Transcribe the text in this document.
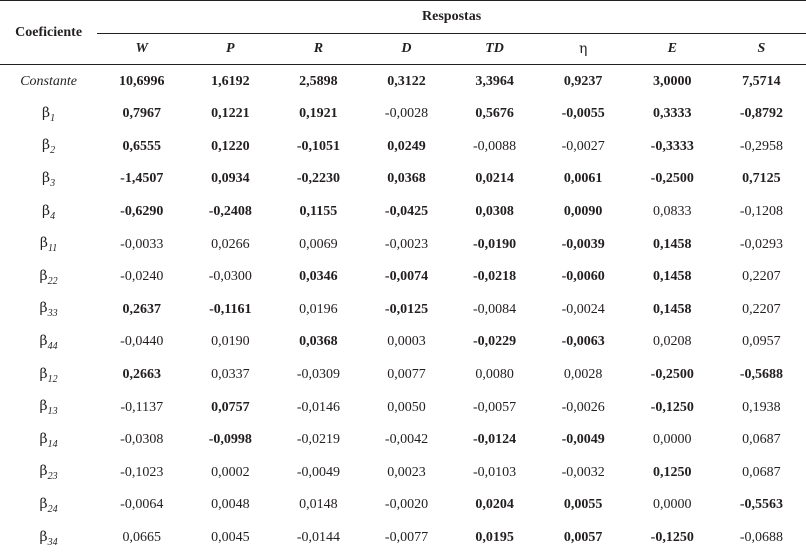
Coeficiente	Respostas							
	W	P	R	D	TD	η	E	S
Constante	10,6996	1,6192	2,5898	0,3122	3,3964	0,9237	3,0000	7,5714
$\beta_1$	0,7967	0,1221	0,1921	-0,0028	0,5676	-0,0055	0,3333	-0,8792
$\beta_2$	0,6555	0,1220	-0,1051	0,0249	-0,0088	-0,0027	-0,3333	-0,2958
$\beta_3$	-1,4507	0,0934	-0,2230	0,0368	0,0214	0,0061	-0,2500	0,7125
$\beta_4$	-0,6290	-0,2408	0,1155	-0,0425	0,0308	0,0090	0,0833	-0,1208
$\beta_{11}$	-0,0033	0,0266	0,0069	-0,0023	-0,0190	-0,0039	0,1458	-0,0293
$\beta_{22}$	-0,0240	-0,0300	0,0346	-0,0074	-0,0218	-0,0060	0,1458	0,2207
$\beta_{33}$	0,2637	-0,1161	0,0196	-0,0125	-0,0084	-0,0024	0,1458	0,2207
$\beta_{44}$	-0,0440	0,0190	0,0368	0,0003	-0,0229	-0,0063	0,0208	0,0957
$\beta_{12}$	0,2663	0,0337	-0,0309	0,0077	0,0080	0,0028	-0,2500	-0,5688
$\beta_{13}$	-0,1137	0,0757	-0,0146	0,0050	-0,0057	-0,0026	-0,1250	0,1938
$\beta_{14}$	-0,0308	-0,0998	-0,0219	-0,0042	-0,0124	-0,0049	0,0000	0,0687
$\beta_{23}$	-0,1023	0,0002	-0,0049	0,0023	-0,0103	-0,0032	0,1250	0,0687
$\beta_{24}$	-0,0064	0,0048	0,0148	-0,0020	0,0204	0,0055	0,0000	-0,5563
$\beta_{34}$	0,0665	0,0045	-0,0144	-0,0077	0,0195	0,0057	-0,1250	-0,0688
